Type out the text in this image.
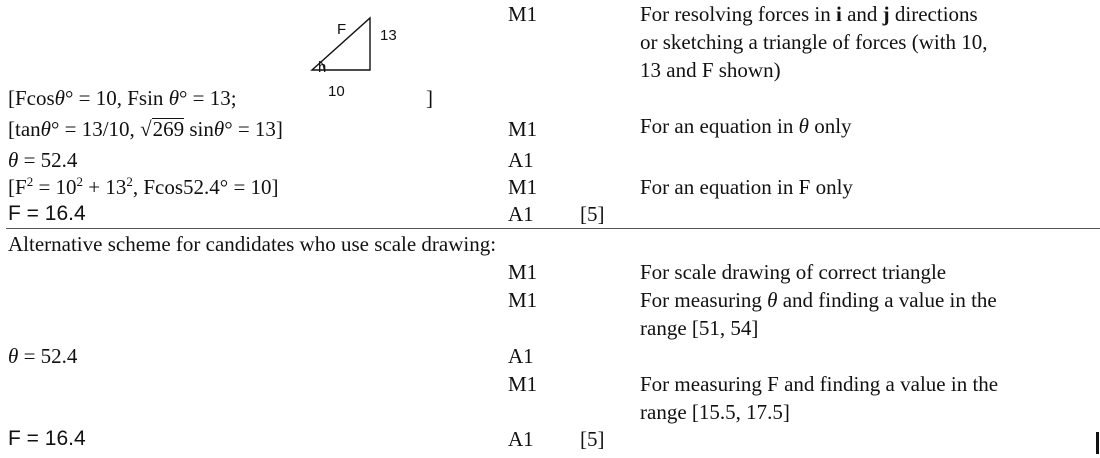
F
h
13
10
[Fcosθ° = 10, Fsin θ° = 13;	]
[tanθ° = 13/10, √269 sinθ° = 13]
θ = 52.4
[$F^2 = 10^2 + 13^2$, Fcos52.4° = 10]
F = 16.4
Alternative scheme for candidates who use scale drawing:
θ = 52.4
F = 16.4
M1
M1
A1
M1
A1 [5]
M1
M1
A1
M1
A1 [5]
For resolving forces in i and j directions
or sketching a triangle of forces (with 10,
13 and F shown)
For an equation in θ only
For an equation in F only
For scale drawing of correct triangle
For measuring θ and finding a value in the
range [51, 54]
For measuring F and finding a value in the
range [15.5, 17.5]
